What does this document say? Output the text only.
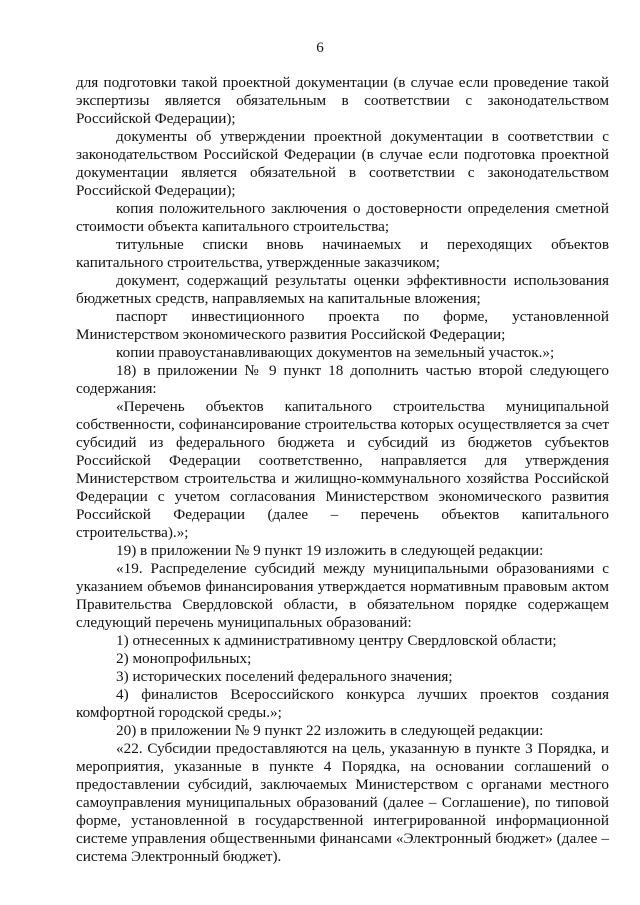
6

для подготовки такой проектной документации (в случае если проведение такой экспертизы является обязательным в соответствии с законодательством Российской Федерации);

документы об утверждении проектной документации в соответствии с законодательством Российской Федерации (в случае если подготовка проектной документации является обязательной в соответствии с законодательством Российской Федерации);

копия положительного заключения о достоверности определения сметной стоимости объекта капитального строительства;

титульные списки вновь начинаемых и переходящих объектов капитального строительства, утвержденные заказчиком;

документ, содержащий результаты оценки эффективности использования бюджетных средств, направляемых на капитальные вложения;

паспорт инвестиционного проекта по форме, установленной Министерством экономического развития Российской Федерации;

копии правоустанавливающих документов на земельный участок.»;

18) в приложении № 9 пункт 18 дополнить частью второй следующего содержания:

«Перечень объектов капитального строительства муниципальной собственности, софинансирование строительства которых осуществляется за счет субсидий из федерального бюджета и субсидий из бюджетов субъектов Российской Федерации соответственно, направляется для утверждения Министерством строительства и жилищно-коммунального хозяйства Российской Федерации с учетом согласования Министерством экономического развития Российской Федерации (далее – перечень объектов капитального строительства).»;

19) в приложении № 9 пункт 19 изложить в следующей редакции:

«19. Распределение субсидий между муниципальными образованиями с указанием объемов финансирования утверждается нормативным правовым актом Правительства Свердловской области, в обязательном порядке содержащем следующий перечень муниципальных образований:

1) отнесенных к административному центру Свердловской области;

2) монопрофильных;

3) исторических поселений федерального значения;

4) финалистов Всероссийского конкурса лучших проектов создания комфортной городской среды.»;

20) в приложении № 9 пункт 22 изложить в следующей редакции:

«22. Субсидии предоставляются на цель, указанную в пункте 3 Порядка, и мероприятия, указанные в пункте 4 Порядка, на основании соглашений о предоставлении субсидий, заключаемых Министерством с органами местного самоуправления муниципальных образований (далее – Соглашение), по типовой форме, установленной в государственной интегрированной информационной системе управления общественными финансами «Электронный бюджет» (далее – система Электронный бюджет).
